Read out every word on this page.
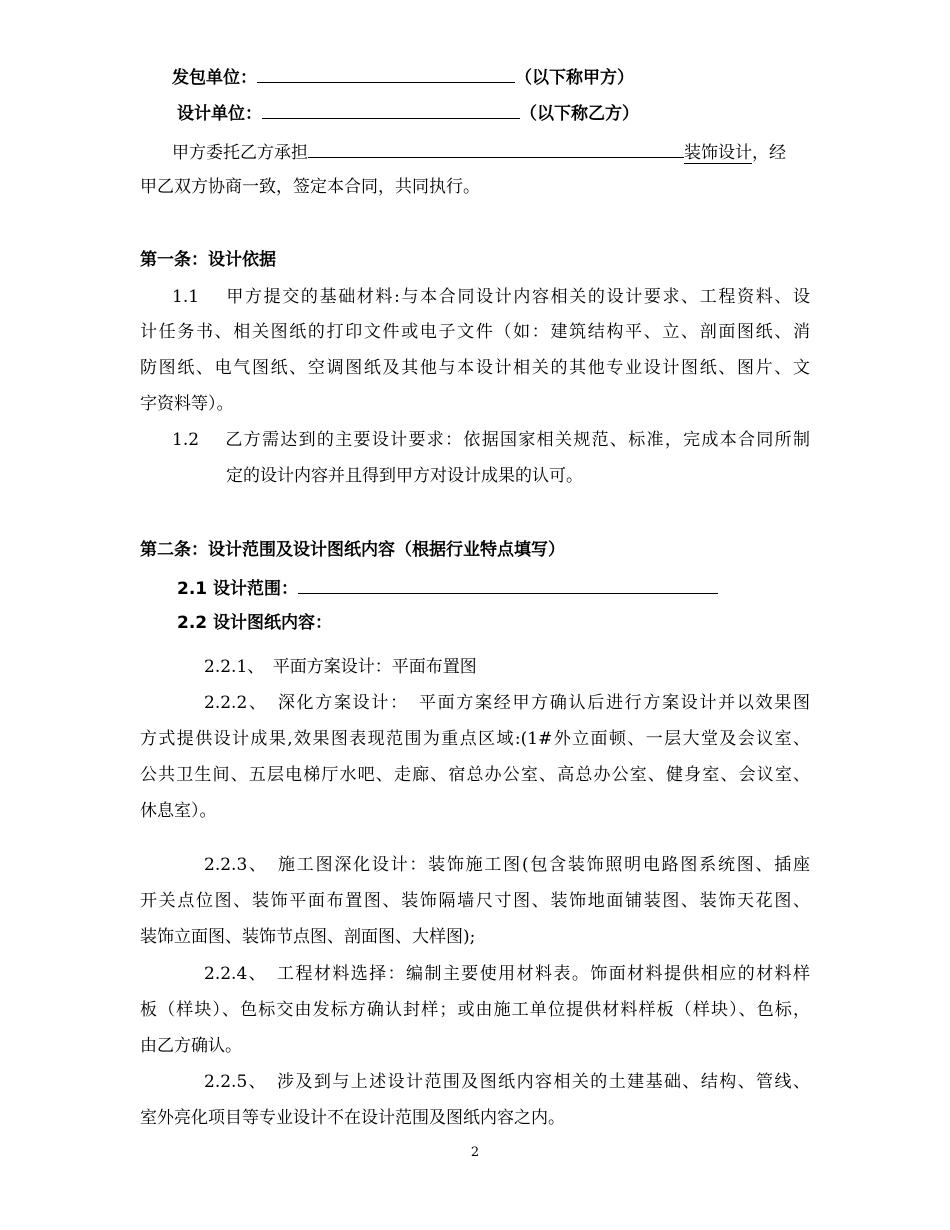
发包单位：	（以下称甲方）
设计单位：	（以下称乙方）
甲方委托乙方承担	装饰设计，经
甲乙双方协商一致，签定本合同，共同执行。
第一条：设计依据
1.1　 甲方提交的基础材料:与本合同设计内容相关的设计要求、工程资料、设
计任务书、相关图纸的打印文件或电子文件（如：建筑结构平、立、剖面图纸、消
防图纸、电气图纸、空调图纸及其他与本设计相关的其他专业设计图纸、图片、文
字资料等）。
1.2　 乙方需达到的主要设计要求：依据国家相关规范、标准，完成本合同所制
定的设计内容并且得到甲方对设计成果的认可。
第二条：设计范围及设计图纸内容（根据行业特点填写）
2.1 设计范围：
2.2 设计图纸内容：
2.2.1、　平面方案设计：平面布置图
2.2.2、　深化方案设计：　平面方案经甲方确认后进行方案设计并以效果图
方式提供设计成果,效果图表现范围为重点区域:(1#外立面顿、一层大堂及会议室、
公共卫生间、五层电梯厅水吧、走廊、宿总办公室、高总办公室、健身室、会议室、
休息室）。
2.2.3、　施工图深化设计：装饰施工图(包含装饰照明电路图系统图、插座
开关点位图、装饰平面布置图、装饰隔墙尺寸图、装饰地面铺装图、装饰天花图、
装饰立面图、装饰节点图、剖面图、大样图);
2.2.4、　工程材料选择：编制主要使用材料表。饰面材料提供相应的材料样
板（样块）、色标交由发标方确认封样；或由施工单位提供材料样板（样块）、色标，
由乙方确认。
2.2.5、　涉及到与上述设计范围及图纸内容相关的土建基础、结构、管线、
室外亮化项目等专业设计不在设计范围及图纸内容之内。
2
